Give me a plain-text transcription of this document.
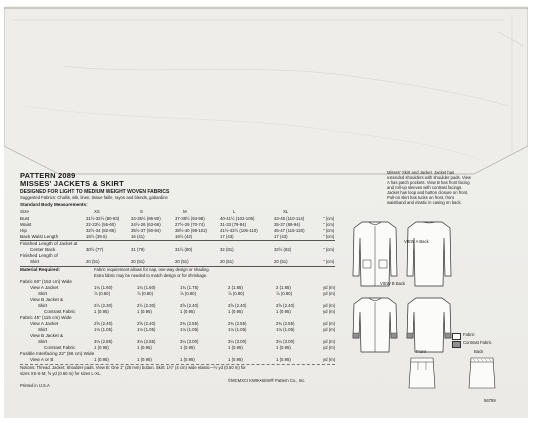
PATTERN 2089
MISSES' JACKETS & SKIRT
DESIGNED FOR LIGHT TO MEDIUM WEIGHT WOVEN FABRICS
Suggested Fabrics: Challis, silk, linen, tissue faille, rayon and blends, gabardine
Standard Body Measurements:
XS	S	M	L	XL
Size
Bust	31½-32½ (80-83)	34-35½ (86-90)	37-38½ (94-98)	40-41½ (102-106)	43-45 (110-114)	" (cm)
Waist	22-23½ (56-60)	24½-26 (63-66)	27½-29 (70-74)	31-33 (79-84)	35-37 (89-94)	" (cm)
Hip	32½-34 (82-86)	35½-37 (90-94)	38½-40 (98-102)	41½-43½ (106-110)	45-47 (115-120)	" (cm)
Back Waist Length	15½ (39.5)	16 (41)	16½ (42)	17 (43)	17 (43)	" (cm)
Finished Length of Jacket at
Center Back	30½ (77)	31 (79)	31½ (80)	32 (81)	32½ (82)	" (cm)
Finished Length of
Skirt	20 (51)	20 (51)	20 (51)	20 (51)	20 (51)	" (cm)
Material Required:	Fabric requirement allows for nap, one-way design or shading.
Extra fabric may be needed to match design or for shrinkage.
Fabric 60" (152 cm) Wide
View A Jacket	1¾ (1.60)	1¾ (1.60)	1¾ (1.75)	2 (1.85)	2 (1.85)	yd (m)
Skirt	⅞ (0.80)	⅞ (0.80)	⅞ (0.80)	⅞ (0.80)	⅞ (0.80)	yd (m)
View B Jacket &
Skirt	2½ (2.30)	2½ (2.30)	2⅝ (2.40)	2⅝ (2.40)	2⅝ (2.40)	yd (m)
Contrast Fabric	1 (0.95)	1 (0.95)	1 (0.95)	1 (0.95)	1 (0.95)	yd (m)
Fabric 45" (115 cm) Wide
View A Jacket	2⅝ (2.40)	2⅝ (2.40)	2¾ (2.55)	2¾ (2.55)	2¾ (2.55)	yd (m)
Skirt	1⅛ (1.05)	1⅛ (1.05)	1⅛ (1.05)	1⅛ (1.05)	1⅛ (1.05)	yd (m)
View B Jacket &
Skirt	3⅛ (2.85)	3⅛ (2.85)	3¼ (3.00)	3¼ (3.00)	3¼ (3.00)	yd (m)
Contrast Fabric	1 (0.95)	1 (0.95)	1 (0.95)	1 (0.95)	1 (0.95)	yd (m)
Fusible Interfacing 22" (56 cm) Wide
View A or B	1 (0.95)	1 (0.95)	1 (0.95)	1 (0.95)	1 (0.95)	yd (m)
Notions: Thread. Jacket: Shoulder pads. View B: One 1" (25 mm) button. Skirt: 1½" (4 cm) wide elastic—½ yd (0.50 m) for
sizes XS-S-M; ⅝ yd (0.60 m) for sizes L-XL.
Printed in U.S.A
©MCMXCI KWIK•SEW® Pattern Co., Inc.
Misses' Skirt and Jacket. Jacket has
extended shoulders with shoulder pads. View
A has patch pockets. View B has front facing
and roll-up sleeves with contrast facings.
Jacket has loop and button closure on front.
Pull-on skirt has tucks on front, front
waistband and elastic in casing on back.
VIEW A Back
VIEW B Back
Fabric
Contrast Fabric
Front	Back
56789
